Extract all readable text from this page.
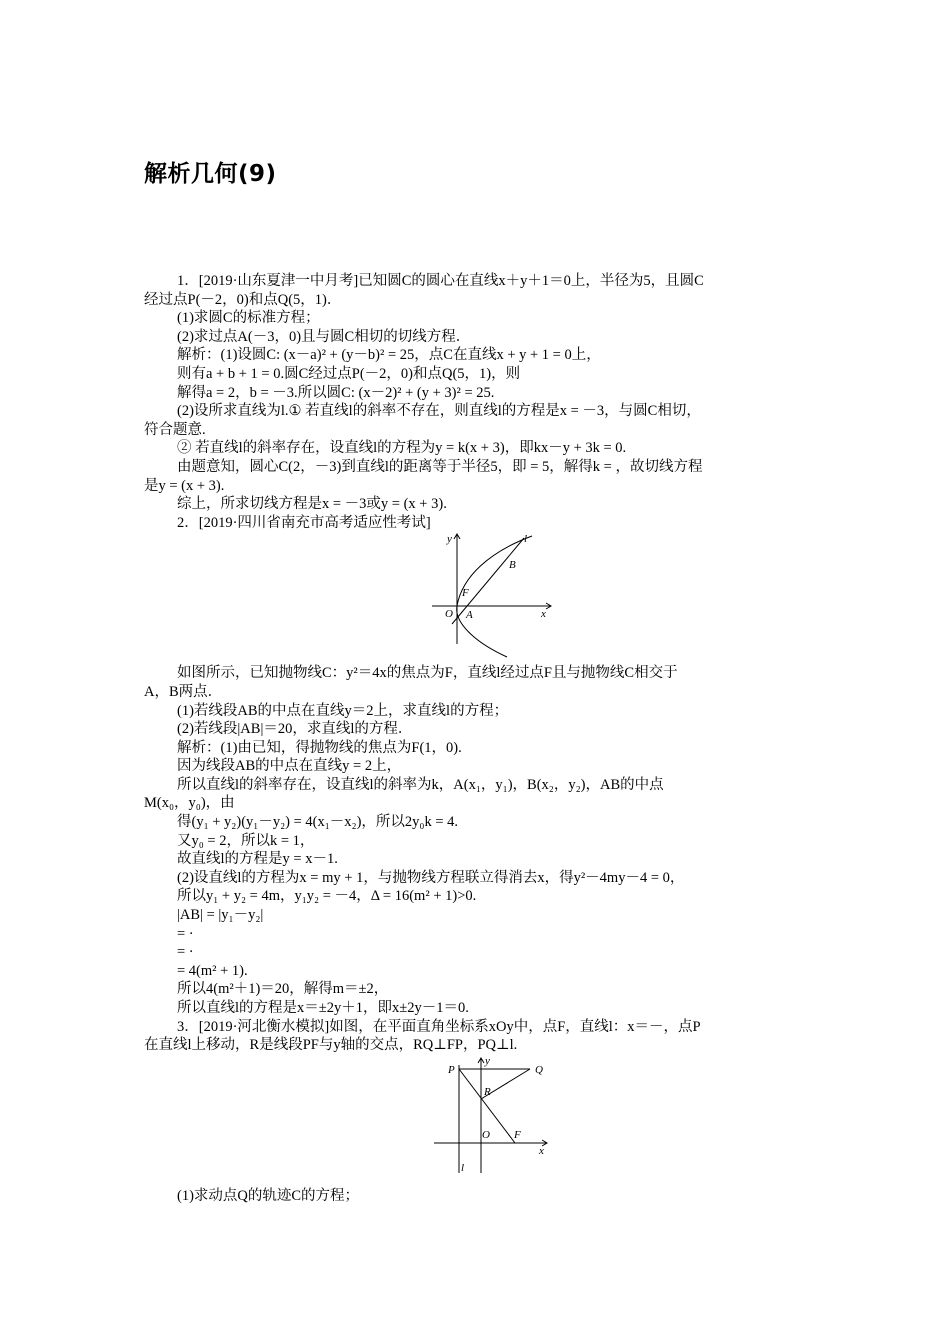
解析几何(9)
1．[2019·山东夏津一中月考]已知圆C的圆心在直线x＋y＋1＝0上，半径为5，且圆C
经过点P(－2，0)和点Q(5，1)．
(1)求圆C的标准方程；
(2)求过点A(－3，0)且与圆C相切的切线方程．
解析：(1)设圆C: (x－a)² + (y－b)² = 25，点C在直线x + y + 1 = 0上，
则有a + b + 1 = 0.圆C经过点P(－2，0)和点Q(5，1)，则
解得a = 2，b = －3.所以圆C: (x－2)² + (y + 3)² = 25.
(2)设所求直线为l.① 若直线l的斜率不存在，则直线l的方程是x = －3，与圆C相切，
符合题意.
② 若直线l的斜率存在，设直线l的方程为y = k(x + 3)，即kx－y + 3k = 0.
由题意知，圆心C(2，－3)到直线l的距离等于半径5，即 = 5，解得k = ，故切线方程
是y = (x + 3).
综上，所求切线方程是x = －3或y = (x + 3).
2．[2019·四川省南充市高考适应性考试]
y	l
B
F
O A	x
如图所示，已知抛物线C：y²＝4x的焦点为F，直线l经过点F且与抛物线C相交于
A，B两点．
(1)若线段AB的中点在直线y＝2上，求直线l的方程；
(2)若线段|AB|＝20，求直线l的方程．
解析：(1)由已知，得抛物线的焦点为F(1，0).
因为线段AB的中点在直线y = 2上，
所以直线l的斜率存在，设直线l的斜率为k，A(x₁，y₁)，B(x₂，y₂)，AB的中点
M(x₀，y₀)，由
得(y₁ + y₂)(y₁－y₂) = 4(x₁－x₂)，所以2y₀k = 4.
又y₀ = 2，所以k = 1，
故直线l的方程是y = x－1.
(2)设直线l的方程为x = my + 1，与抛物线方程联立得消去x，得y²－4my－4 = 0，
所以y₁ + y₂ = 4m，y₁y₂ = －4，Δ = 16(m² + 1)>0.
|AB| = |y₁－y₂|
= ·
= ·
= 4(m² + 1).
所以4(m²＋1)＝20，解得m＝±2，
所以直线l的方程是x＝±2y＋1，即x±2y－1＝0.
3．[2019·河北衡水模拟]如图，在平面直角坐标系xOy中，点F，直线l：x＝－，点P
在直线l上移动，R是线段PF与y轴的交点，RQ⊥FP，PQ⊥l.
y
P	Q
R
O F
x
l
(1)求动点Q的轨迹C的方程；
